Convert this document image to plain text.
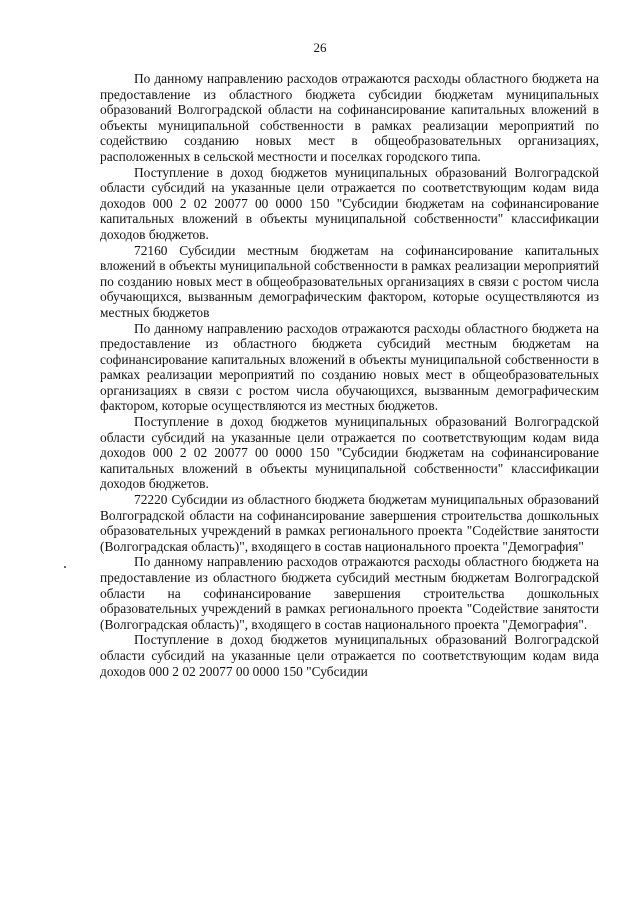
26

По данному направлению расходов отражаются расходы областного бюджета на предоставление из областного бюджета субсидии бюджетам муниципальных образований Волгоградской области на софинансирование капитальных вложений в объекты муниципальной собственности в рамках реализации мероприятий по содействию созданию новых мест в общеобразовательных организациях, расположенных в сельской местности и поселках городского типа.

Поступление в доход бюджетов муниципальных образований Волгоградской области субсидий на указанные цели отражается по соответствующим кодам вида доходов 000 2 02 20077 00 0000 150 "Субсидии бюджетам на софинансирование капитальных вложений в объекты муниципальной собственности" классификации доходов бюджетов.

72160 Субсидии местным бюджетам на софинансирование капитальных вложений в объекты муниципальной собственности в рамках реализации мероприятий по созданию новых мест в общеобразовательных организациях в связи с ростом числа обучающихся, вызванным демографическим фактором, которые осуществляются из местных бюджетов

По данному направлению расходов отражаются расходы областного бюджета на предоставление из областного бюджета субсидий местным бюджетам на софинансирование капитальных вложений в объекты муниципальной собственности в рамках реализации мероприятий по созданию новых мест в общеобразовательных организациях в связи с ростом числа обучающихся, вызванным демографическим фактором, которые осуществляются из местных бюджетов.

Поступление в доход бюджетов муниципальных образований Волгоградской области субсидий на указанные цели отражается по соответствующим кодам вида доходов 000 2 02 20077 00 0000 150 "Субсидии бюджетам на софинансирование капитальных вложений в объекты муниципальной собственности" классификации доходов бюджетов.

72220 Субсидии из областного бюджета бюджетам муниципальных образований Волгоградской области на софинансирование завершения строительства дошкольных образовательных учреждений в рамках регионального проекта "Содействие занятости (Волгоградская область)", входящего в состав национального проекта "Демография"

По данному направлению расходов отражаются расходы областного бюджета на предоставление из областного бюджета субсидий местным бюджетам Волгоградской области на софинансирование завершения строительства дошкольных образовательных учреждений в рамках регионального проекта "Содействие занятости (Волгоградская область)", входящего в состав национального проекта "Демография".

Поступление в доход бюджетов муниципальных образований Волгоградской области субсидий на указанные цели отражается по соответствующим кодам вида доходов 000 2 02 20077 00 0000 150 "Субсидии
